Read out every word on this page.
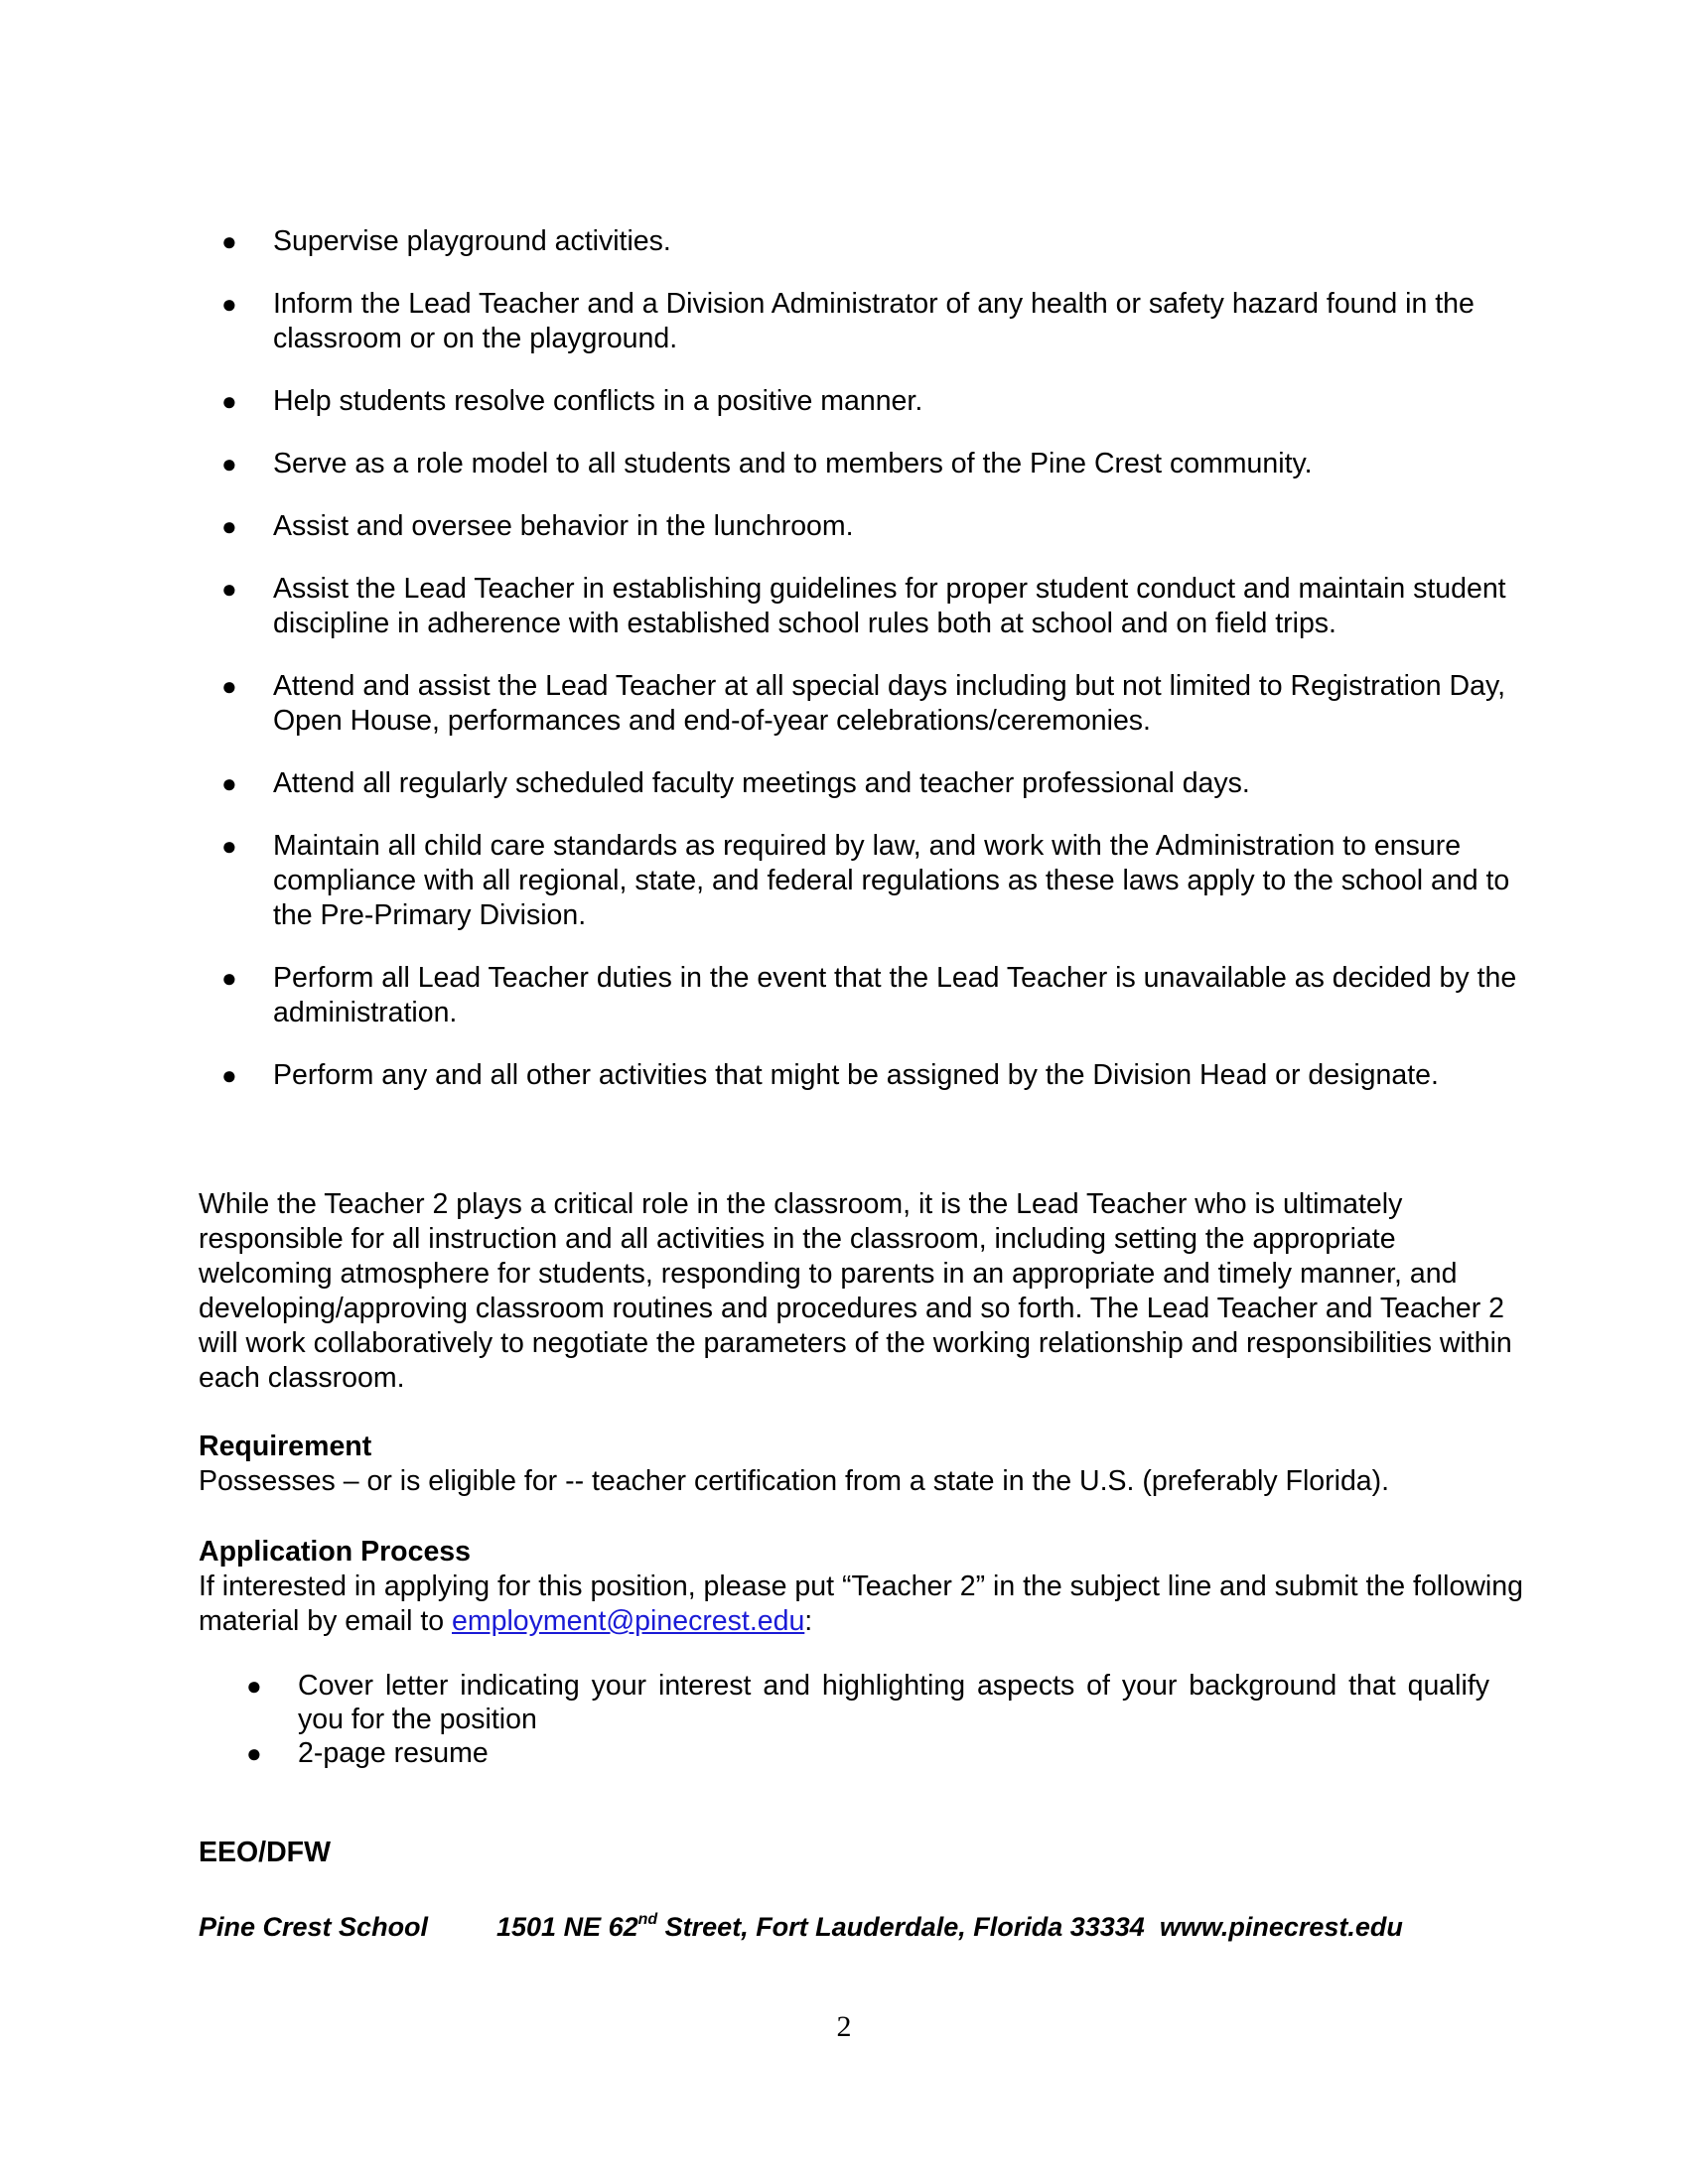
● Supervise playground activities.
● Inform the Lead Teacher and a Division Administrator of any health or safety hazard found in the classroom or on the playground.
● Help students resolve conflicts in a positive manner.
● Serve as a role model to all students and to members of the Pine Crest community.
● Assist and oversee behavior in the lunchroom.
● Assist the Lead Teacher in establishing guidelines for proper student conduct and maintain student discipline in adherence with established school rules both at school and on field trips.
● Attend and assist the Lead Teacher at all special days including but not limited to Registration Day, Open House, performances and end-of-year celebrations/ceremonies.
● Attend all regularly scheduled faculty meetings and teacher professional days.
● Maintain all child care standards as required by law, and work with the Administration to ensure compliance with all regional, state, and federal regulations as these laws apply to the school and to the Pre-Primary Division.
● Perform all Lead Teacher duties in the event that the Lead Teacher is unavailable as decided by the administration.
● Perform any and all other activities that might be assigned by the Division Head or designate.

While the Teacher 2 plays a critical role in the classroom, it is the Lead Teacher who is ultimately responsible for all instruction and all activities in the classroom, including setting the appropriate welcoming atmosphere for students, responding to parents in an appropriate and timely manner, and developing/approving classroom routines and procedures and so forth. The Lead Teacher and Teacher 2 will work collaboratively to negotiate the parameters of the working relationship and responsibilities within each classroom.

Requirement

Possesses – or is eligible for -- teacher certification from a state in the U.S. (preferably Florida).

Application Process

If interested in applying for this position, please put “Teacher 2” in the subject line and submit the following material by email to employment@pinecrest.edu:

● Cover letter indicating your interest and highlighting aspects of your background that qualify you for the position
● 2-page resume

EEO/DFW

Pine Crest School	1501 NE 62nd Street, Fort Lauderdale, Florida 33334 www.pinecrest.edu

2
